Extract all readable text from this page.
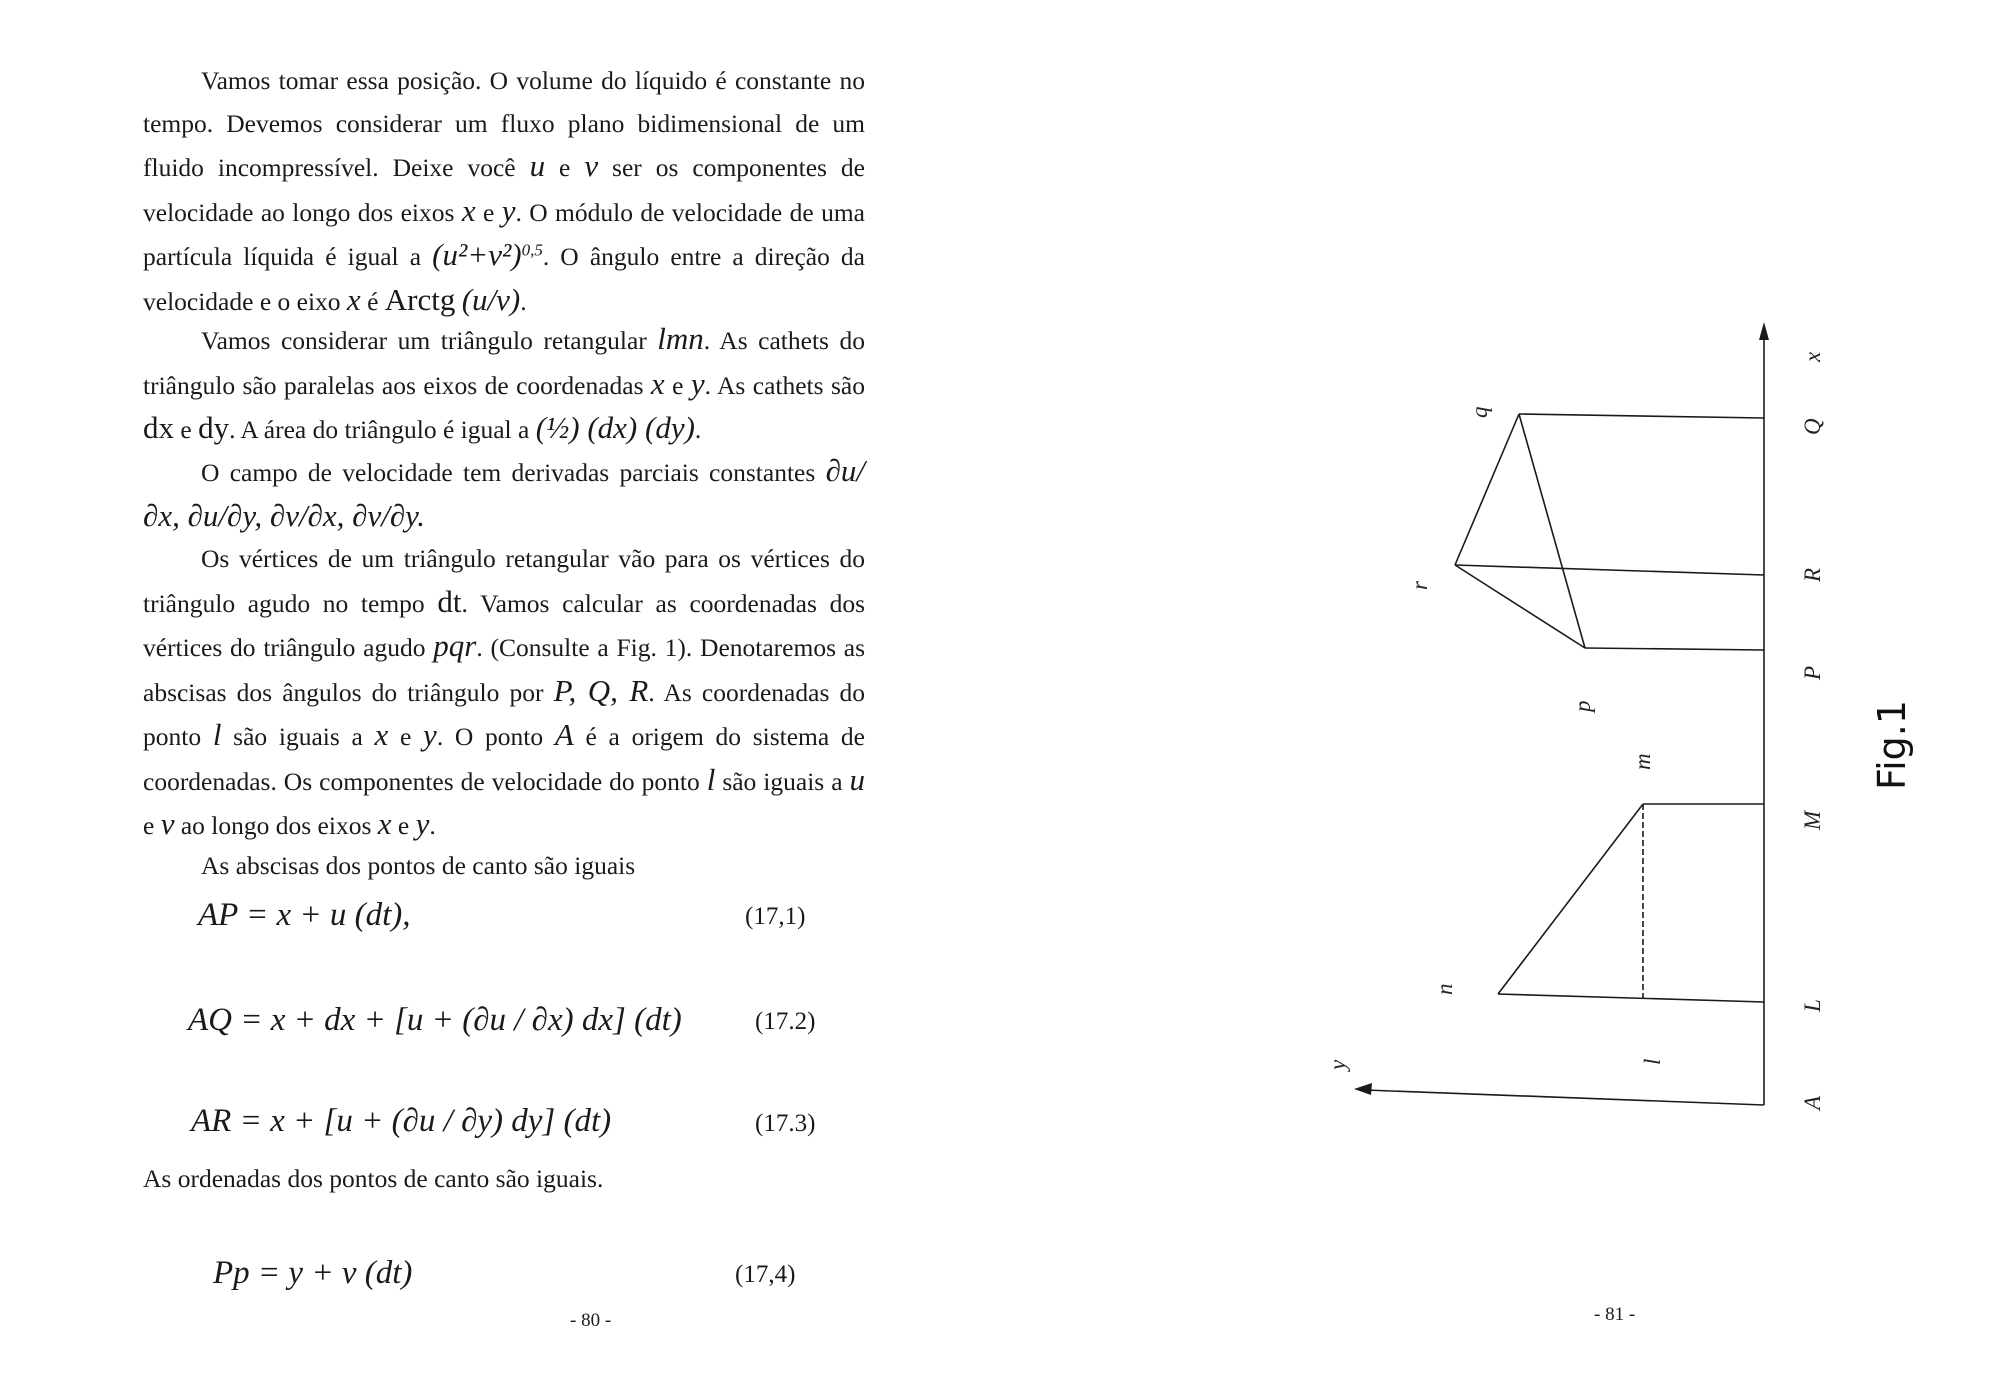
Vamos tomar essa posição. O volume do líquido é constante no tempo. Devemos considerar um fluxo plano bidimensional de um fluido incompressível. Deixe você u e v ser os componentes de velocidade ao longo dos eixos x e y. O módulo de velocidade de uma partícula líquida é igual a $(u^2+v^2)^{0,5}$. O ângulo entre a direção da velocidade e o eixo x é Arctg (u/v).

Vamos considerar um triângulo retangular lmn. As cathets do triângulo são paralelas aos eixos de coordenadas x e y. As cathets são dx e dy. A área do triângulo é igual a (½) (dx) (dy).

O campo de velocidade tem derivadas parciais constantes ∂u/∂x, ∂u/∂y, ∂v/∂x, ∂v/∂y.

Os vértices de um triângulo retangular vão para os vértices do triângulo agudo no tempo dt. Vamos calcular as coordenadas dos vértices do triângulo agudo pqr. (Consulte a Fig. 1). Denotaremos as abscisas dos ângulos do triângulo por P, Q, R. As coordenadas do ponto l são iguais a x e y. O ponto A é a origem do sistema de coordenadas. Os componentes de velocidade do ponto l são iguais a u e v ao longo dos eixos x e y.

As abscisas dos pontos de canto são iguais

AP = x + u (dt),	(17,1)
AQ = x + dx + [u + (∂u / ∂x) dx] (dt)	(17.2)
AR = x + [u + (∂u / ∂y) dy] (dt)	(17.3)

As ordenadas dos pontos de canto são iguais.

Pp = y + v (dt)	(17,4)
- 80 -	- 81 -
x
Q
R
P
M
L
A
q
r
p
m
n
l
y
Fig.1
